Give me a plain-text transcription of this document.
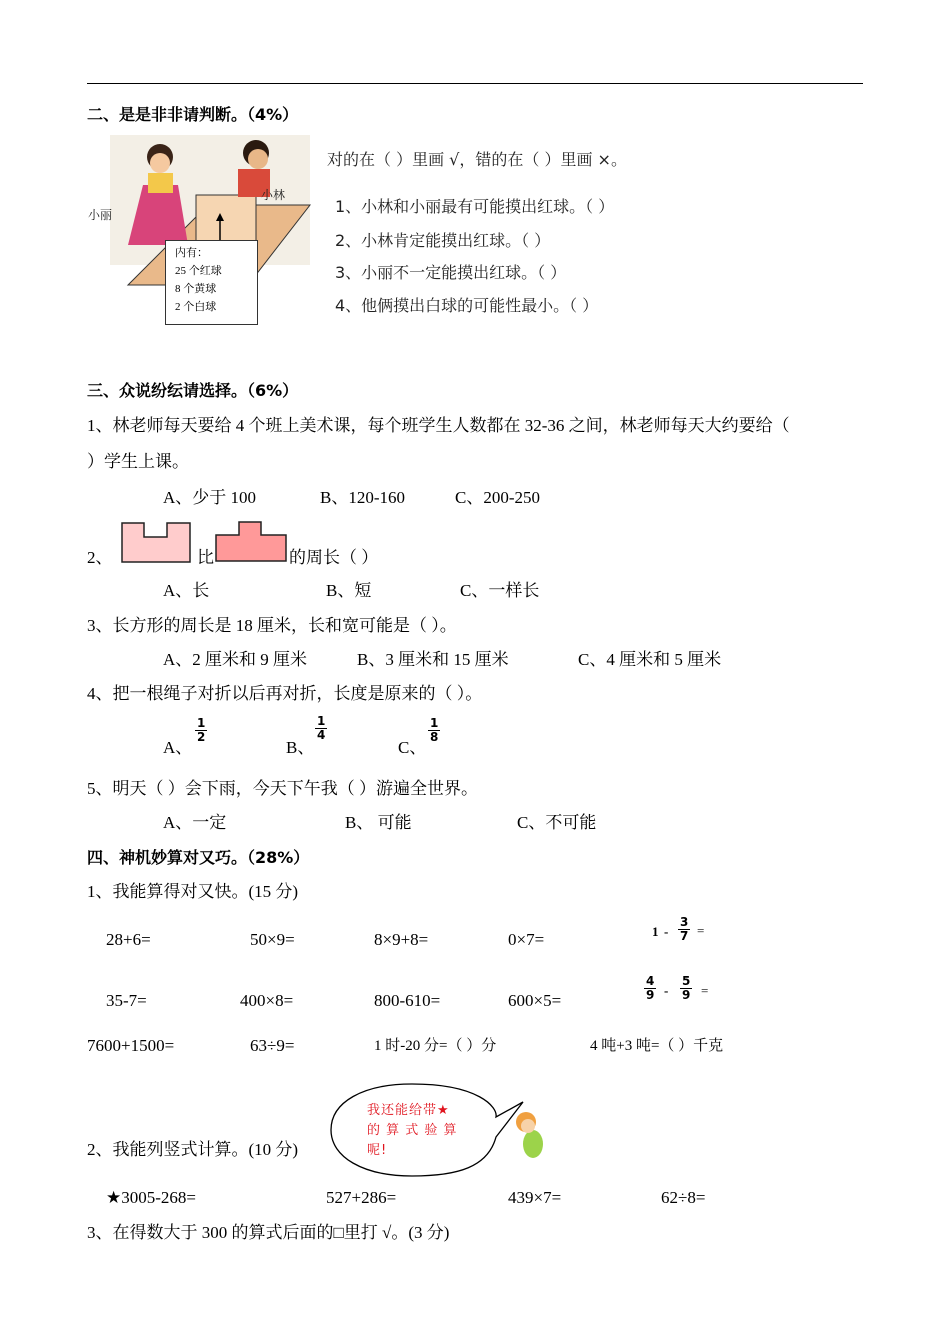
二、是是非非请判断。（4%）
小丽
小林
内有：
25 个红球
8 个黄球
2 个白球
对的在（ ）里画 √，错的在（ ）里画 ×。
1、小林和小丽最有可能摸出红球。（ ）
2、小林肯定能摸出红球。（ ）
3、小丽不一定能摸出红球。（ ）
4、他俩摸出白球的可能性最小。（ ）
三、众说纷纭请选择。（6%）
1、林老师每天要给 4 个班上美术课，每个班学生人数都在 32-36 之间，林老师每天大约要给（
）学生上课。
A、少于 100	B、120-160	C、200-250
2、	比	的周长（ ）
A、长	B、短	C、一样长
3、长方形的周长是 18 厘米，长和宽可能是（ ）。
A、2 厘米和 9 厘米	B、3 厘米和 15 厘米	C、4 厘米和 5 厘米
4、把一根绳子对折以后再对折，长度是原来的（ ）。
A、
$\frac{1}{2}$
B、
$\frac{1}{4}$
C、
$\frac{1}{8}$
5、明天（ ）会下雨，今天下午我（ ）游遍全世界。
A、一定	B、 可能	C、不可能
四、神机妙算对又巧。（28%）
1、我能算得对又快。(15 分)
28+6=	50×9=	8×9+8=	0×7=	$1 - \frac{3}{7}$ =
35-7=	400×8=	800-610=	600×5=	$\frac{4}{9} - \frac{5}{9}$ =
7600+1500=	63÷9=	1 时-20 分=（ ）分	4 吨+3 吨=（ ）千克
2、我能列竖式计算。(10 分)
我还能给带★
的 算 式 验 算
呢!
★3005-268=	527+286=	439×7=	62÷8=
3、在得数大于 300 的算式后面的□里打 √。(3 分)
